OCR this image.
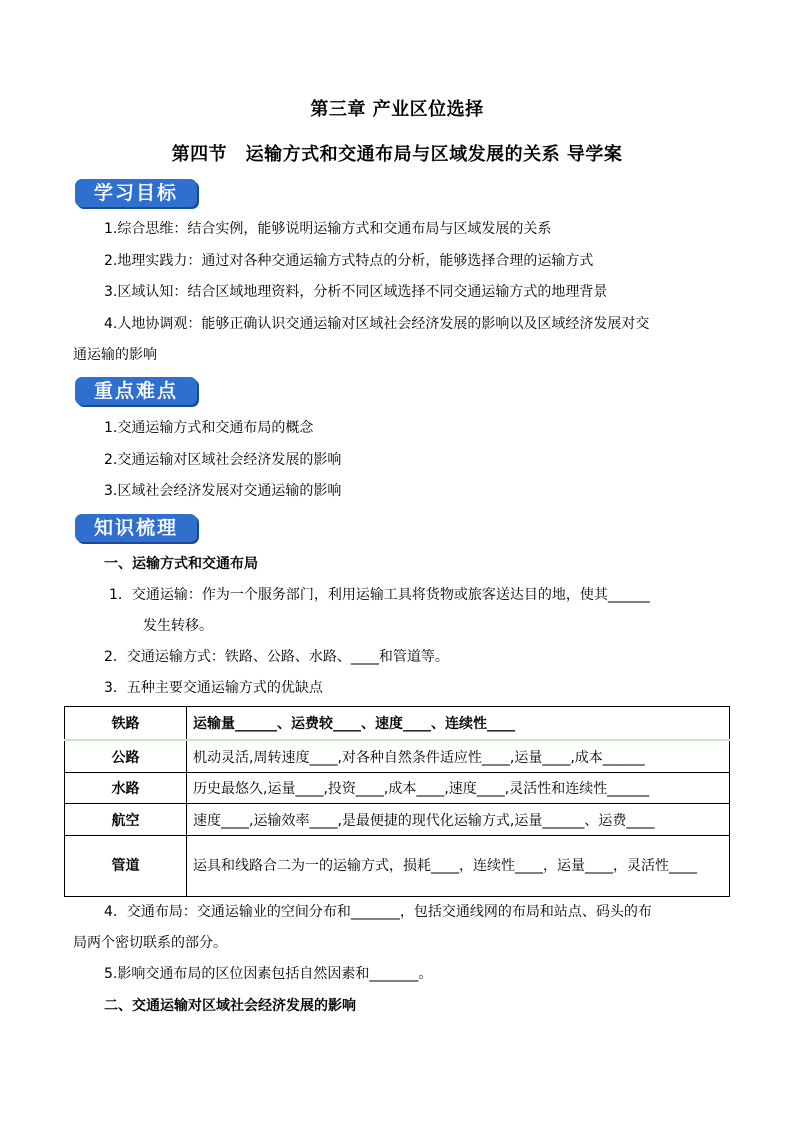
第三章 产业区位选择
第四节　运输方式和交通布局与区域发展的关系 导学案
学习目标
1.综合思维：结合实例，能够说明运输方式和交通布局与区域发展的关系
2.地理实践力：通过对各种交通运输方式特点的分析，能够选择合理的运输方式
3.区域认知：结合区域地理资料，分析不同区域选择不同交通运输方式的地理背景
4.人地协调观：能够正确认识交通运输对区域社会经济发展的影响以及区域经济发展对交
通运输的影响
重点难点
1.交通运输方式和交通布局的概念
2.交通运输对区域社会经济发展的影响
3.区域社会经济发展对交通运输的影响
知识梳理
一、运输方式和交通布局
1．交通运输：作为一个服务部门，利用运输工具将货物或旅客送达目的地，使其______
发生转移。
2．交通运输方式：铁路、公路、水路、____和管道等。
3．五种主要交通运输方式的优缺点
铁路	运输量______、运费较____、速度____、连续性____
公路	机动灵活,周转速度____,对各种自然条件适应性____,运量____,成本______
水路	历史最悠久,运量____,投资____,成本____,速度____,灵活性和连续性______
航空	速度____,运输效率____,是最便捷的现代化运输方式,运量______、运费____
管道	运具和线路合二为一的运输方式，损耗____，连续性____，运量____，灵活性____
4．交通布局：交通运输业的空间分布和_______，包括交通线网的布局和站点、码头的布
局两个密切联系的部分。
5.影响交通布局的区位因素包括自然因素和_______。
二、交通运输对区域社会经济发展的影响
